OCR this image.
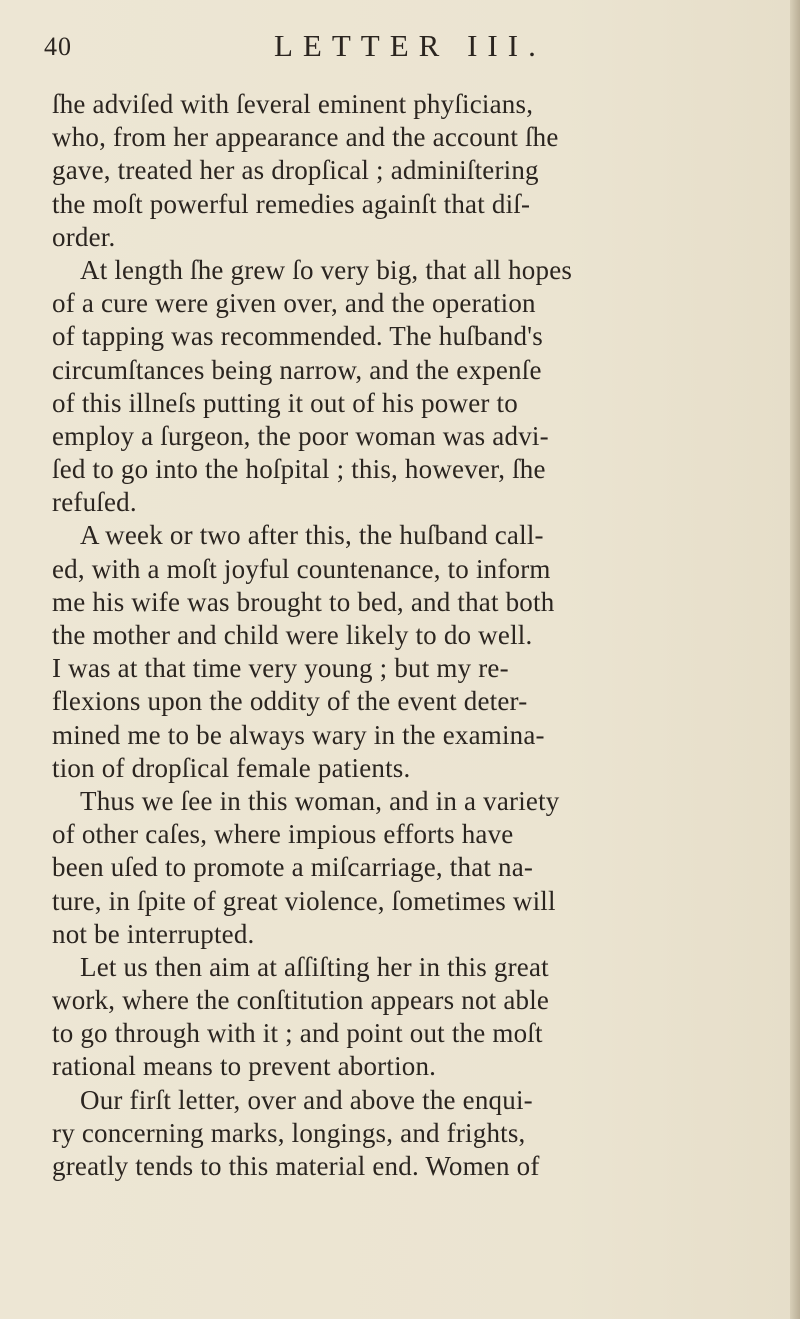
40	LETTER III.
ſhe adviſed with ſeveral eminent phyſicians,
who, from her appearance and the account ſhe
gave, treated her as dropſical ; adminiſtering
the moſt powerful remedies againſt that diſ-
order.
At length ſhe grew ſo very big, that all hopes
of a cure were given over, and the operation
of tapping was recommended. The huſband's
circumſtances being narrow, and the expenſe
of this illneſs putting it out of his power to
employ a ſurgeon, the poor woman was advi-
ſed to go into the hoſpital ; this, however, ſhe
refuſed.
A week or two after this, the huſband call-
ed, with a moſt joyful countenance, to inform
me his wife was brought to bed, and that both
the mother and child were likely to do well.
I was at that time very young ; but my re-
flexions upon the oddity of the event deter-
mined me to be always wary in the examina-
tion of dropſical female patients.
Thus we ſee in this woman, and in a variety
of other caſes, where impious efforts have
been uſed to promote a miſcarriage, that na-
ture, in ſpite of great violence, ſometimes will
not be interrupted.
Let us then aim at aſſiſting her in this great
work, where the conſtitution appears not able
to go through with it ; and point out the moſt
rational means to prevent abortion.
Our firſt letter, over and above the enqui-
ry concerning marks, longings, and frights,
greatly tends to this material end. Women of
